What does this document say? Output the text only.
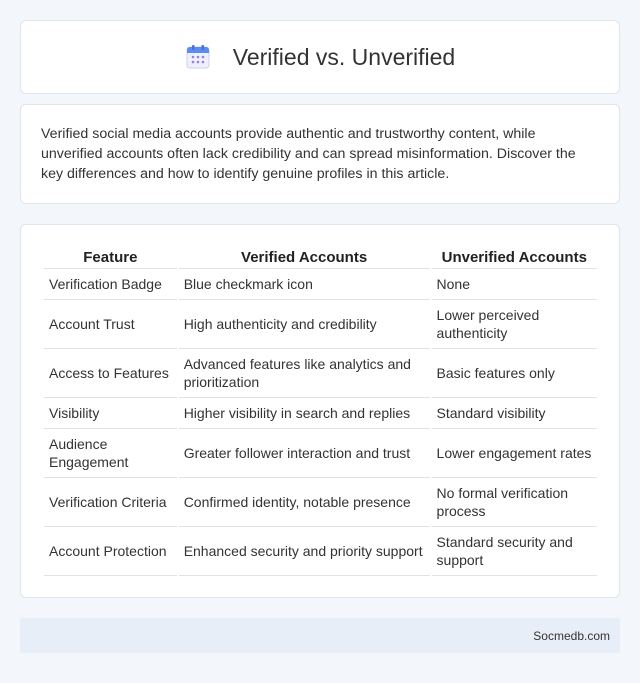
Verified vs. Unverified

Verified social media accounts provide authentic and trustworthy content, while unverified accounts often lack credibility and can spread misinformation. Discover the key differences and how to identify genuine profiles in this article.

Feature	Verified Accounts	Unverified Accounts
Verification Badge	Blue checkmark icon	None
Account Trust	High authenticity and credibility	Lower perceived authenticity
Access to Features	Advanced features like analytics and prioritization	Basic features only
Visibility	Higher visibility in search and replies	Standard visibility
Audience Engagement	Greater follower interaction and trust	Lower engagement rates
Verification Criteria	Confirmed identity, notable presence	No formal verification process
Account Protection	Enhanced security and priority support	Standard security and support
Socmedb.com
